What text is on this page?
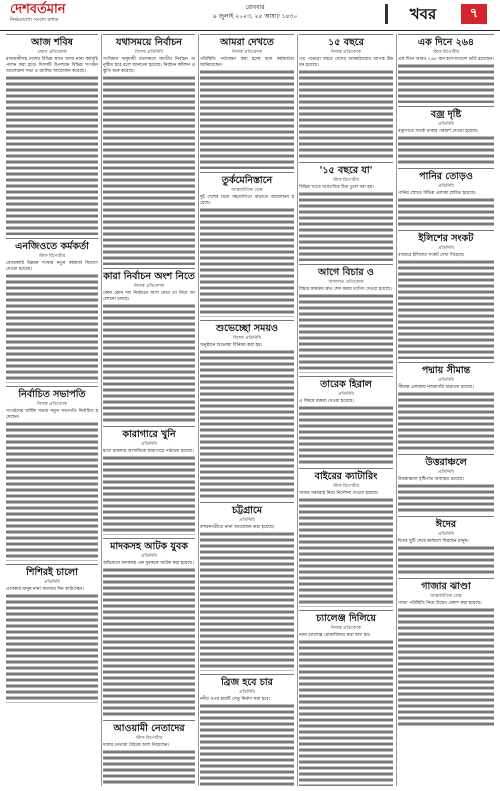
দেশবর্তমান
নির্ভরযোগ্য সংবাদ মাধ্যম
রোববার
৯ জুলাই ২০২৩, ২৫ আষাঢ় ১৪৩০	খবর	৭
আজ শবিষ
প্রধান প্রতিবেদক

রাজধানীসহ দেশের বিভিন্ন স্থানে আজ নানা কর্মসূচি পালন করা হবে। দিবসটি উপলক্ষে বিভিন্ন সংগঠন আলোচনা সভা ও র‍্যালির আয়োজন করেছে।

এনজিওতে কর্মকর্তা
স্টাফ রিপোর্টার

বেসরকারি উন্নয়ন সংস্থায় নতুন কর্মকর্তা নিয়োগ দেওয়া হয়েছে।

নির্বাচিত সভাপতি
নিজস্ব প্রতিবেদক

সংগঠনের বার্ষিক সভায় নতুন সভাপতি নির্বাচিত হয়েছেন।

শিশিরই চালো
প্রতিনিধি

এলাকার মানুষ নানা সমস্যায় দিন কাটাচ্ছেন।

যথাসময়ে নির্বাচন
বিশেষ প্রতিনিধি

সংবিধান অনুযায়ী যথাসময়ে জাতীয় নির্বাচন অনুষ্ঠিত হবে বলে জানানো হয়েছে। নির্বাচন কমিশন প্রস্তুতি শুরু করেছে।

কারা নির্বাচন অংশ নিতে
নিজস্ব প্রতিবেদক

কোন কোন দল নির্বাচনে অংশ নেবে তা নিয়ে আলোচনা চলছে।

কারাগারে খুনি
প্রতিনিধি

হত্যা মামলার আসামিকে কারাগারে পাঠানো হয়েছে।

মাদকসহ আটক যুবক
প্রতিনিধি

অভিযানে মাদকসহ এক যুবককে আটক করা হয়েছে।

আওয়ামী নেতাদের
স্টাফ রিপোর্টার

দলের নেতারা বৈঠকে অংশ নিয়েছেন।

আমরা দেখতে
নিজস্ব প্রতিবেদক

পরিস্থিতি পর্যবেক্ষণ করা হচ্ছে বলে কর্মকর্তারা জানিয়েছেন।

তুর্কমেনিস্তানে
আন্তর্জাতিক ডেস্ক

দুই দেশের মধ্যে সহযোগিতা বাড়াতে আলোচনা হয়েছে।

শুভেচ্ছো সময়ও
বিশেষ প্রতিনিধি

অনুষ্ঠানে শুভেচ্ছা বিনিময় করা হয়।

চট্টগ্রামে
প্রতিনিধি

বন্দরনগরীতে নানা আয়োজন করা হয়েছে।

ব্রিজ হবে চার
প্রতিনিধি

নদীর ওপর চারটি সেতু নির্মাণ করা হবে।

১৫ বছরে
নিজস্ব প্রতিবেদক

গত পনেরো বছরে দেশের অবকাঠামোর ব্যাপক উন্নয়ন হয়েছে।

'১৫ বছরে যা'
স্টাফ রিপোর্টার

বিভিন্ন খাতে অগ্রগতির চিত্র তুলে ধরা হয়।

আগে বিচার ও
আদালত প্রতিবেদক

বিচার কার্যক্রম দ্রুত শেষ করার তাগিদ দেওয়া হয়েছে।

তারেক হিরাল
প্রতিনিধি

এ বিষয়ে বক্তব্য দেওয়া হয়েছে।

বাইরের ক্যাটারিং
স্টাফ রিপোর্টার

খাবার সরবরাহ নিয়ে নির্দেশনা দেওয়া হয়েছে।

চ্যালেঞ্জ দিলিয়ে
নিজস্ব প্রতিবেদক

নানা চ্যালেঞ্জ মোকাবিলার কথা বলা হয়।

এক দিনে ২৬৪
স্টাফ রিপোর্টার

এক দিনে আরও ২৬৪ জন হাসপাতালে ভর্তি হয়েছেন।

বজ্র দৃষ্টি
প্রতিনিধি

বজ্রপাতে সতর্ক থাকার পরামর্শ দেওয়া হয়েছে।

পানির তোড়ও
প্রতিনিধি

পানির স্রোতে বিভিন্ন এলাকা প্লাবিত হয়েছে।

ইলিশের সংকট
প্রতিনিধি

বাজারে ইলিশের সংকট দেখা দিয়েছে।

পদ্মায় সীমান্ত
প্রতিনিধি

সীমান্ত এলাকায় নজরদারি বাড়ানো হয়েছে।

উত্তরাঞ্চলে
প্রতিনিধি

উত্তরাঞ্চলে বৃষ্টিপাত অব্যাহত রয়েছে।

ঈদের
প্রতিনিধি

ঈদের ছুটি শেষে কর্মস্থলে ফিরছেন মানুষ।

গাজার ঝাণ্ডা
আন্তর্জাতিক ডেস্ক

গাজা পরিস্থিতি নিয়ে উদ্বেগ প্রকাশ করা হয়েছে।
